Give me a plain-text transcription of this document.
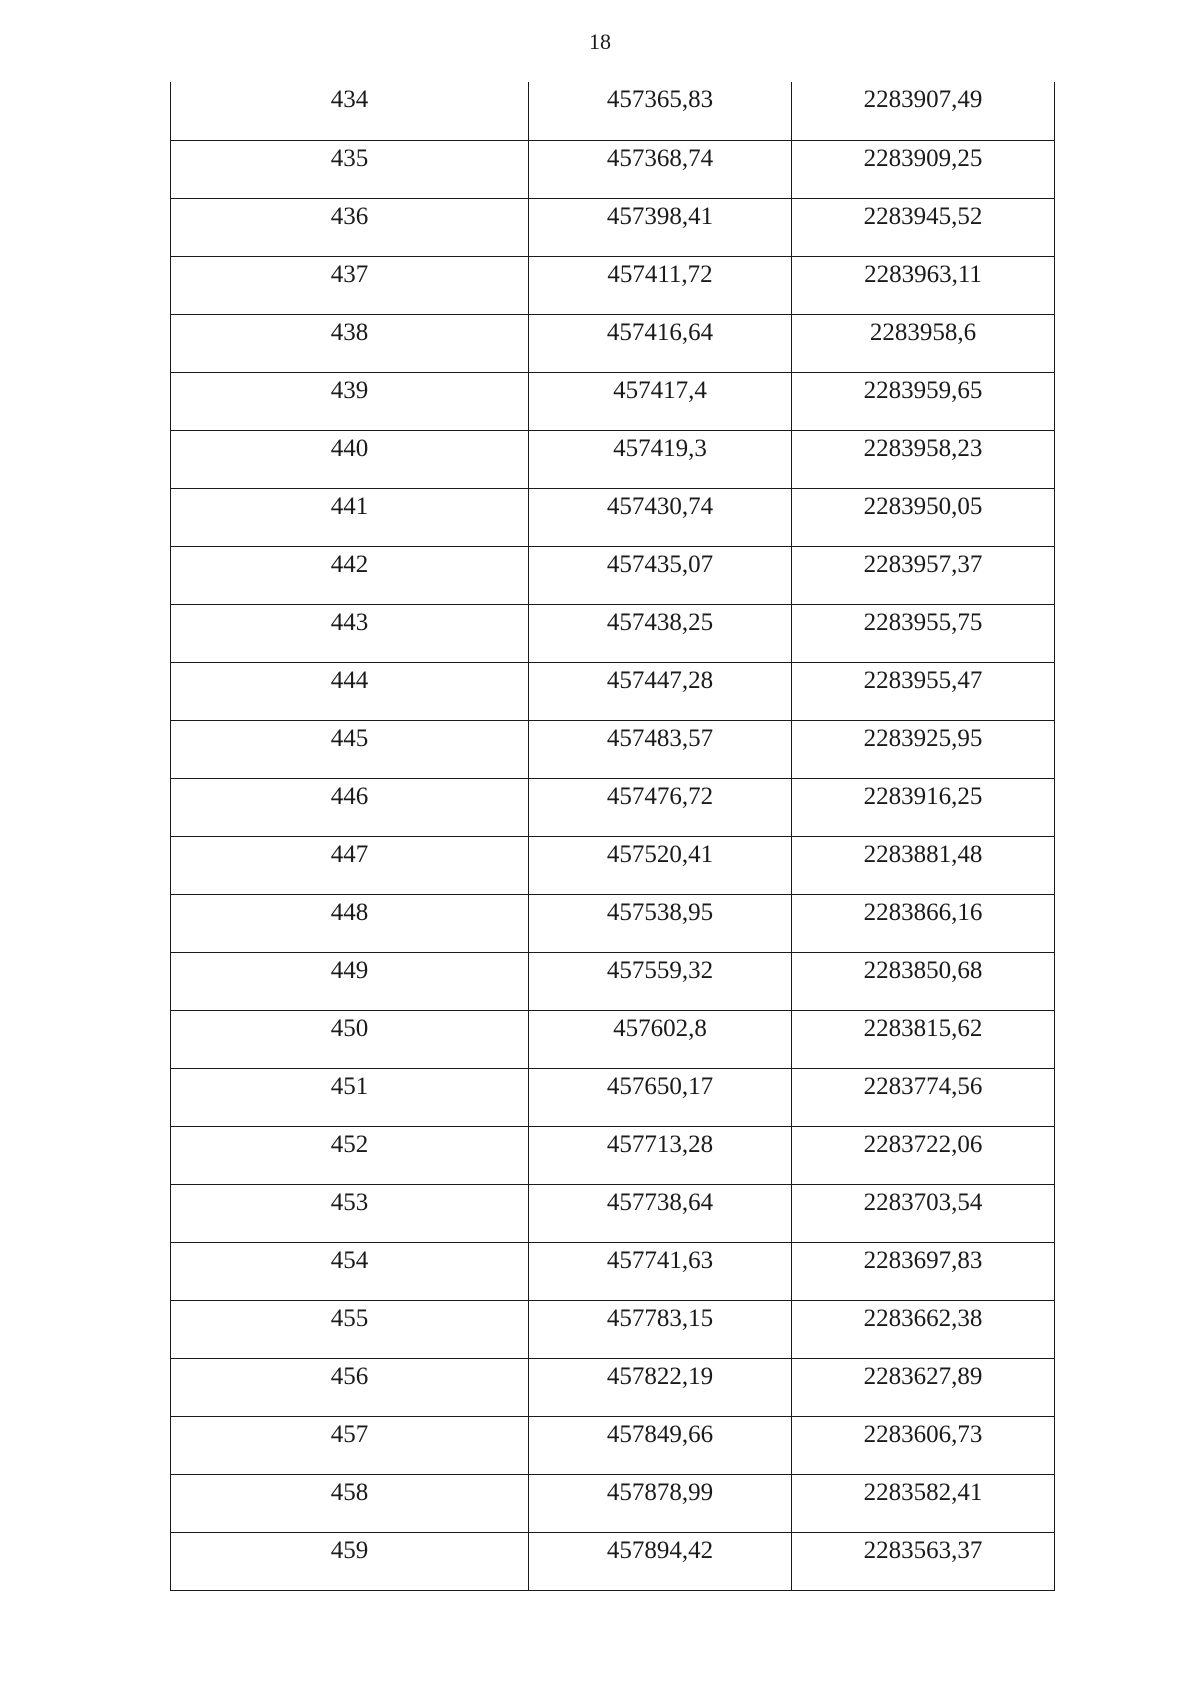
18
434	457365,83	2283907,49

435	457368,74	2283909,25

436	457398,41	2283945,52

437	457411,72	2283963,11

438	457416,64	2283958,6

439	457417,4	2283959,65

440	457419,3	2283958,23

441	457430,74	2283950,05

442	457435,07	2283957,37

443	457438,25	2283955,75

444	457447,28	2283955,47

445	457483,57	2283925,95

446	457476,72	2283916,25

447	457520,41	2283881,48

448	457538,95	2283866,16

449	457559,32	2283850,68

450	457602,8	2283815,62

451	457650,17	2283774,56

452	457713,28	2283722,06

453	457738,64	2283703,54

454	457741,63	2283697,83

455	457783,15	2283662,38

456	457822,19	2283627,89

457	457849,66	2283606,73

458	457878,99	2283582,41

459	457894,42	2283563,37
